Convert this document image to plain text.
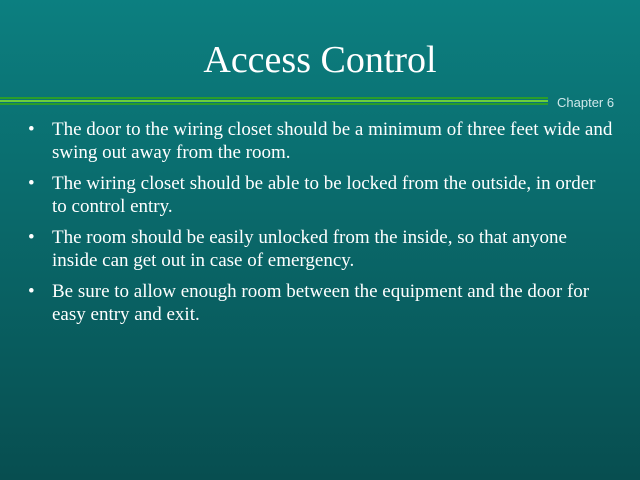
Access Control
Chapter 6
• The door to the wiring closet should be a minimum of three feet wide and swing out away from the room.
• The wiring closet should be able to be locked from the outside, in order to control entry.
• The room should be easily unlocked from the inside, so that anyone inside can get out in case of emergency.
• Be sure to allow enough room between the equipment and the door for easy entry and exit.
